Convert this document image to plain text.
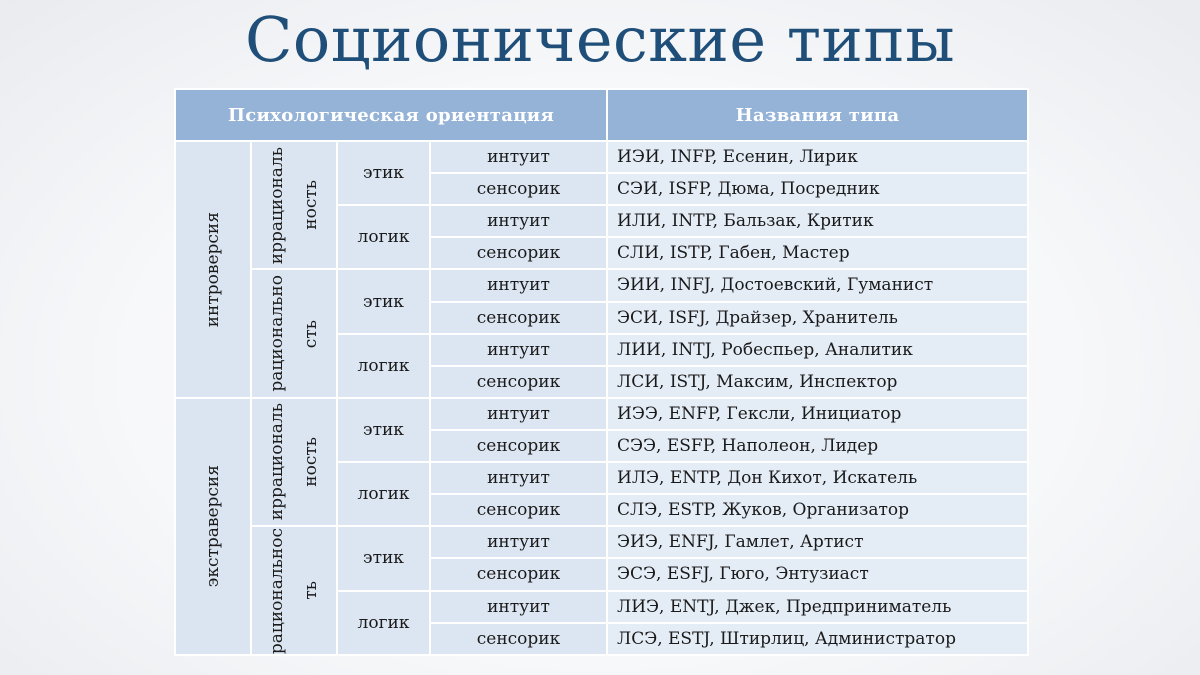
Соционические типы
Психологическая ориентация				Названия типа

интроверсия	иррациональ ность	этик	интуит	ИЭИ, INFP, Есенин, Лирик
			сенсорик	СЭИ, ISFP, Дюма, Посредник
		логик	интуит	ИЛИ, INTP, Бальзак, Критик
			сенсорик	СЛИ, ISTP, Габен, Мастер

	рационально сть	этик	интуит	ЭИИ, INFJ, Достоевский, Гуманист
			сенсорик	ЭСИ, ISFJ, Драйзер, Хранитель
		логик	интуит	ЛИИ, INTJ, Робеспьер, Аналитик
			сенсорик	ЛСИ, ISTJ, Максим, Инспектор

экстраверсия	иррациональ ность	этик	интуит	ИЭЭ, ENFP, Гексли, Инициатор
			сенсорик	СЭЭ, ESFP, Наполеон, Лидер
		логик	интуит	ИЛЭ, ENTP, Дон Кихот, Искатель
			сенсорик	СЛЭ, ESTP, Жуков, Организатор

	рациональнос ть	этик	интуит	ЭИЭ, ENFJ, Гамлет, Артист
			сенсорик	ЭСЭ, ESFJ, Гюго, Энтузиаст
		логик	интуит	ЛИЭ, ENTJ, Джек, Предприниматель
			сенсорик	ЛСЭ, ESTJ, Штирлиц, Администратор
